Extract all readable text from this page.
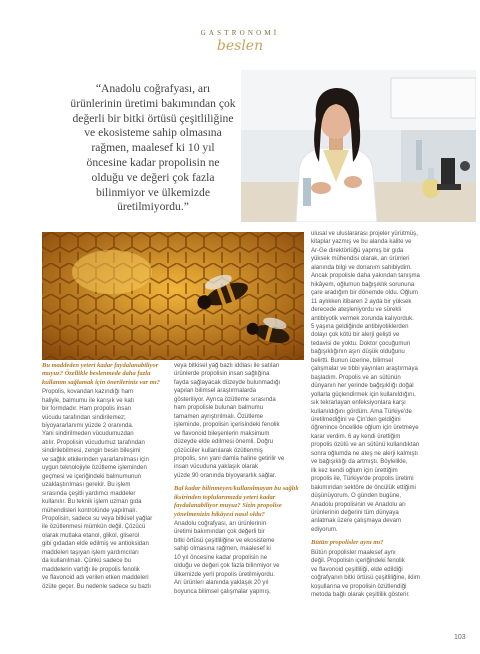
GASTRONOMİ
beslen
“Anadolu coğrafyası, arı ürünlerinin üretimi bakımından çok değerli bir bitki örtüsü çeşitliliğine ve ekosisteme sahip olmasına rağmen, maalesef ki 10 yıl öncesine kadar propolisin ne olduğu ve değeri çok fazla bilinmiyor ve ülkemizde üretilmiyordu.”

Bu maddeden yeteri kadar faydalanabiliyor muyuz? Özellikle beslenmede daha fazla kullanım sağlamak için önerileriniz var mı?

Propolis, kovandan kazındığı ham

haliyle, balmumu ile karışık ve katı

bir formdadır. Ham propolis insan

vücudu tarafından sindirilemez;

biyoyararlanımı yüzde 2 oranında.

Yani sindirilmeden vücudumuzdan

atılır. Propolisin vücudumuz tarafından

sindirilebilmesi, zengin besin bileşimi

ve sağlık etkilerinden yararlanılması için

uygun teknolojiyle özütleme işleminden

geçmesi ve içeriğindeki balmumunun

uzaklaştırılması gerekir. Bu işlem

sırasında çeşitli yardımcı maddeler

kullanılır. Bu teknik işlem uzman gıda

mühendisleri kontrolünde yapılmalı.

Propolisin, sadece su veya bitkisel yağlar

ile özütlenmesi mümkün değil. Çözücü

olarak mutlaka etanol, glikol, gliserol

gibi gıdadan elde edilmiş ve antioksidan

maddeleri taşıyan işlem yardımcıları

da kullanılmalı. Çünkü sadece bu

maddelerin varlığı ile propolis fenolik

ve flavonoid adı verilen etken maddeleri

özüte geçer. Bu nedenle sadece su bazlı

veya bitkisel yağ bazlı iddiası ile satılan

ürünlerde propolisin insan sağlığına

fayda sağlayacak düzeyde bulunmadığı

yapılan bilimsel araştırmalarda

gösteriliyor. Ayrıca özütleme sırasında

ham propolisle bulunan balmumu

tamamen ayrıştırılmalı. Özütleme

işleminde, propolisin içerisindeki fenolik

ve flavonoid bileşenlerin maksimum

düzeyde elde edilmesi önemli. Doğru

çözücüler kullanılarak özütlenmiş

propolis, sıvı yani damla haline getirilir ve

insan vücuduna yaklaşık olarak

yüzde 90 oranında biyoyararlık sağlar.

Bal kadar bilinmeyen/kullanılmayan bu sağlık iksirinden toplularımızda yeteri kadar faydalanabiliyor muyuz? Sizin propolise yönelmenizin hikâyesi nasıl oldu?

Anadolu coğrafyası, arı ürünlerinin

üretimi bakımından çok değerli bir

bitki örtüsü çeşitliliğine ve ekosisteme

sahip olmasına rağmen, maalesef ki

10 yıl öncesine kadar propolisin ne

olduğu ve değeri çok fazla bilinmiyor ve

ülkemizde yerli propolis üretilmiyordu.

Arı ürünlerı alanında yaklaşık 20 yıl

boyunca bilimsel çalışmalar yapmış,

ulusal ve uluslararası projeler yürütmüş,

kitaplar yazmış ve bu alanda kalite ve

Ar-Ge direktörlüğü yapmış bir gıda

yüksek mühendisi olarak, arı ürünleri

alanında bilgi ve donanım sahibiydim.

Ancak propolisle daha yakından tanışma

hikâyem, oğlumun bağışıklık sorununa

çare aradığım bir dönemde oldu. Oğlum

11 aylıkken itibaren 2 ayda bir yüksek

derecede ateşleniyordu ve sürekli

antibiyotik vermek zorunda kalıyorduk.

5 yaşına geldiğinde antibiyotiklerden

dolayı çok kötü bir alerji gelişti ve

tedavisi de yoktu. Doktor çocuğumun

bağışıklığının aşırı düşük olduğunu

belirtti. Bunun üzerine, bilimsel

çalışmalar ve tıbbi yayınları araştırmaya

başladım. Propolis ve arı sütünün

dünyanın her yerinde bağışıklığı doğal

yollarla güçlendirmek için kullanıldığını,

sık tekrarlayan enfeksiyonlara karşı

kullanıldığını gördüm. Ama Türkiye'de

üretilmediğini ve Çin'den geldiğini

öğrenince öncelikle oğlum için üretmeye

karar verdim. 6 ay kendi ürettiğim

propolis özütü ve arı sütünü kullandıktan

sonra oğlumda ne ateş ne alerji kalmıştı

ve bağışıklığı da artmıştı. Böylelikle,

ilk kez kendi oğlum için ürettiğim

propolis ile, Türkiye'de propolis üretimi

bakımından sektöre de öncülük ettiğimi

düşünüyorum. O günden bugüne,

Anadolu propolisinin ve Anadolu arı

ürünlerinin değerini tüm dünyaya

anlatmak üzere çalışmaya devam

ediyorum.

Bütün propolisler aynı mı?

Bütün propolisler maalesef aynı

değil. Propolisin içeriğindeki fenolik

ve flavonoid çeşitliliği, elde edildiği

coğrafyanın bitki örtüsü çeşitliliğine, iklim

koşullarına ve propolisin özütlendiği

metoda bağlı olarak çeşitlilik gösterir.

103
